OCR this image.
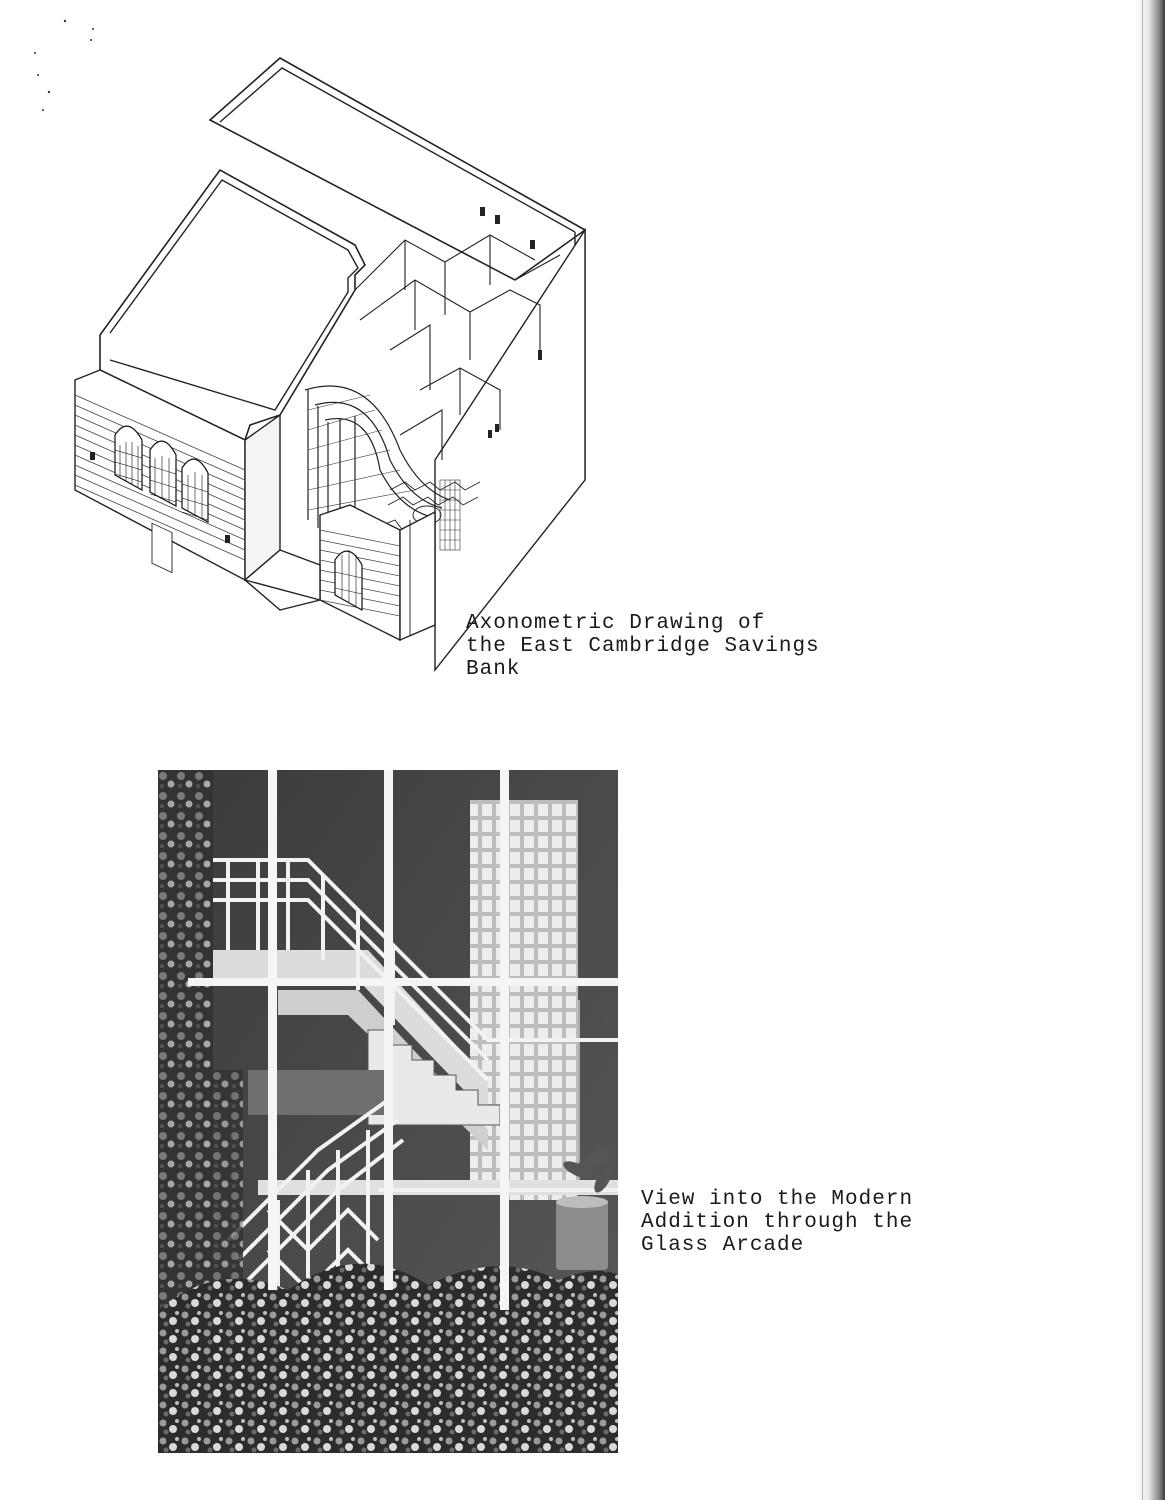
Axonometric Drawing of
the East Cambridge Savings
Bank
View into the Modern
Addition through the
Glass Arcade
